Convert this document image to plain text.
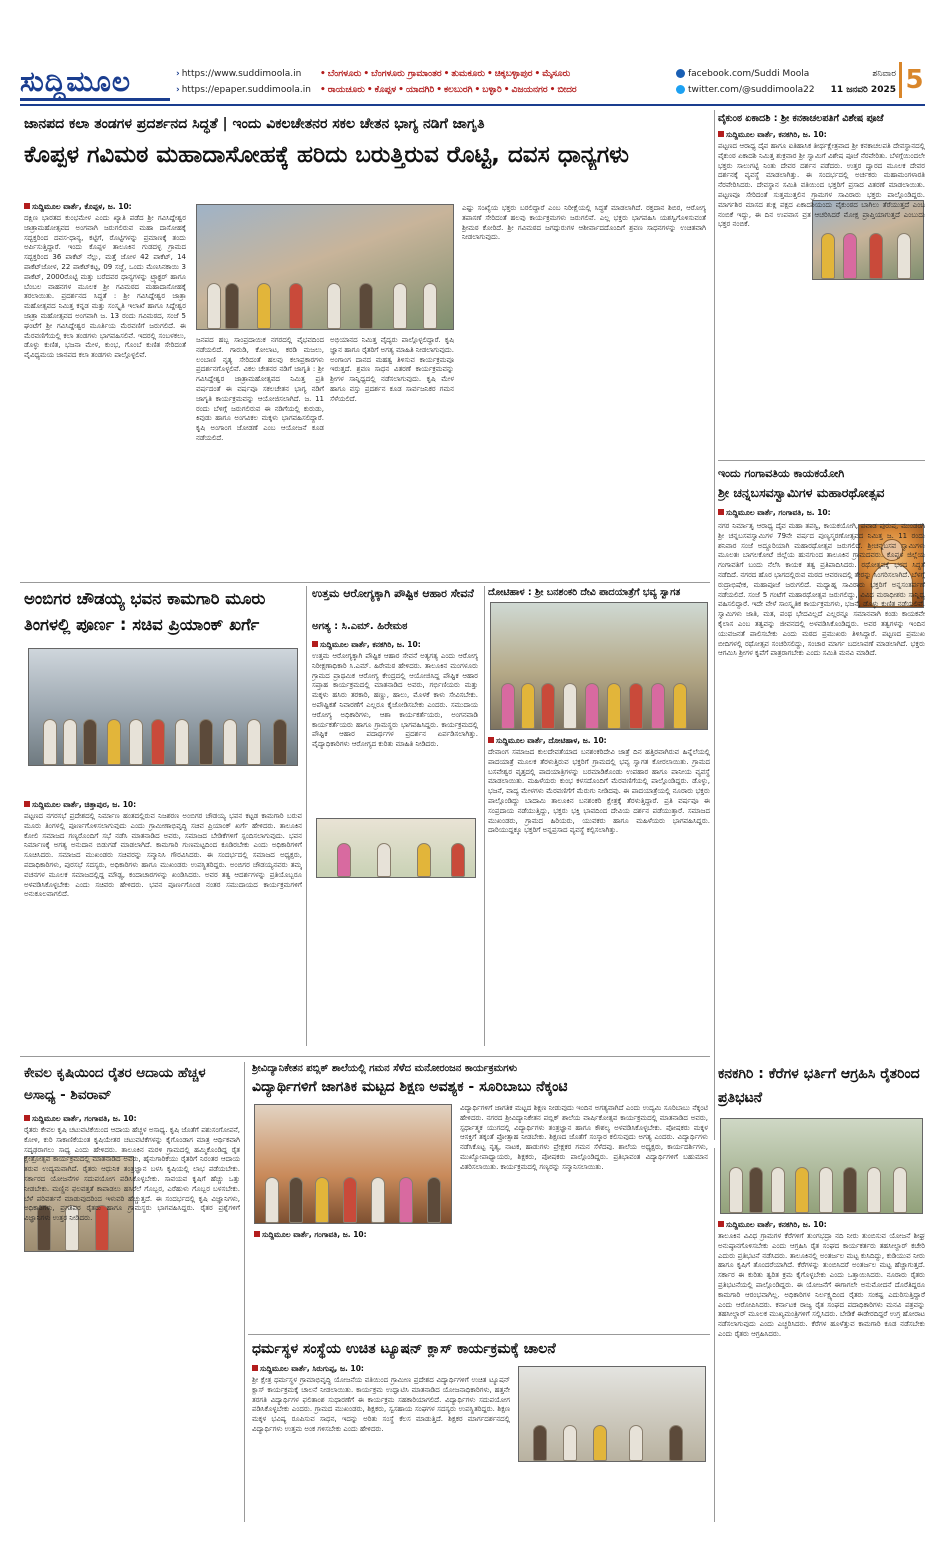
ಸುದ್ದಿಮೂಲ	› https://www.suddimoola.in
› https://epaper.suddimoola.in
• ಬೆಂಗಳೂರು • ಬೆಂಗಳೂರು ಗ್ರಾಮಾಂತರ • ತುಮಕೂರು • ಚಿಕ್ಕಬಳ್ಳಾಪುರ • ಮೈಸೂರು
• ರಾಯಚೂರು • ಕೊಪ್ಪಳ • ಯಾದಗಿರಿ • ಕಲಬುರಗಿ • ಬಳ್ಳಾರಿ • ವಿಜಯನಗರ • ಬೀದರ
facebook.com/Suddi Moola
twitter.com/@suddimoola22
ಶನಿವಾರ
11 ಜನವರಿ 2025 5
ಜಾನಪದ ಕಲಾ ತಂಡಗಳ ಪ್ರದರ್ಶನದ ಸಿದ್ಧತೆ | ಇಂದು ವಿಕಲಚೇತನರ ಸಕಲ ಚೇತನ ಭಾಗ್ಯ ನಡಿಗೆ ಜಾಗೃತಿ
ಕೊಪ್ಪಳ ಗವಿಮಠ ಮಹಾದಾಸೋಹಕ್ಕೆ ಹರಿದು ಬರುತ್ತಿರುವ ರೊಟ್ಟಿ, ದವಸ ಧಾನ್ಯಗಳು
ಸುದ್ದಿಮೂಲ ವಾರ್ತೆ, ಕೊಪ್ಪಳ, ಜ. 10:
ದಕ್ಷಿಣ ಭಾರತದ ಕುಂಭಮೇಳ ಎಂದು ಖ್ಯಾತಿ ಪಡೆದ ಶ್ರೀ ಗವಿಸಿದ್ದೇಶ್ವರ ಜಾತ್ರಾಮಹೋತ್ಸವದ ಅಂಗವಾಗಿ ಜರುಗಲಿರುವ ಮಹಾ ದಾಸೋಹಕ್ಕೆ ಸದ್ಭಕ್ತರಿಂದ ದವಸ-ಧಾನ್ಯ, ಕಟ್ಟಿಗೆ, ರೊಟ್ಟಿಗಳನ್ನು ಪ್ರಮಾಣಕ್ಕೆ ತಂದು ಅರ್ಪಿಸುತ್ತಿದ್ದಾರೆ. ಇಂದು ಕೊಪ್ಪಳ ತಾಲೂಕಿನ ಗುಡದಳ್ಳ ಗ್ರಾಮದ ಸದ್ಭಕ್ತರಿಂದ 36 ಪಾಕೆಟ್ ನೆಲ್ಲು, ಮತ್ತೆ ಜೋಳ 42 ಪಾಕೆಟ್, 14 ಪಾಕೆಟ್‌ಜೋಳ, 22 ಪಾಕೆಟ್‌ಕಟ್ಟ, 09 ಸಜ್ಜೆ, ಒಂದು ಮೆಣಸಿನಕಾಯಿ 3 ಪಾಕೆಟ್, 2000ರೊಟ್ಟಿ ಮತ್ತು ಬರೆದವರ ಧಾನ್ಯಗಳನ್ನು ಟ್ರ್ಯಾಕ್ಟರ್ ಹಾಗೂ ಬೆಂಬಲ ವಾಹನಗಳ ಮೂಲಕ ಶ್ರೀ ಗವಿಮಠದ ಮಹಾದಾಸೋಹಕ್ಕೆ ತರಲಾಯಿತು. ಪ್ರದರ್ಶನದ ಸಿದ್ಧತೆ : ಶ್ರೀ ಗವಿಸಿದ್ದೇಶ್ವರ ಜಾತ್ರಾ ಮಹೋತ್ಸವದ ನಿಮಿತ್ತ ಕನ್ನಡ ಮತ್ತು ಸಂಸ್ಕೃತಿ ಇಲಾಖೆ ಹಾಗೂ ಸಿದ್ದೇಶ್ವರ ಜಾತ್ರಾ ಮಹೋತ್ಸವದ ಅಂಗವಾಗಿ ಜ. 13 ರಂದು ಗವಿಮಠದ, ಸಂಜೆ 5 ಘಂಟೆಗೆ ಶ್ರೀ ಗವಿಸಿದ್ದೇಶ್ವರ ಮೂರ್ತಿಯ ಮೆರವಣಿಗೆ ಜರುಗಲಿದೆ. ಈ ಮೆರವಣಿಗೆಯಲ್ಲಿ ಕಲಾ ತಂಡಗಳು ಭಾಗವಹಿಸಲಿವೆ. ಇದರಲ್ಲಿ ಸಂಬಳಕಲು, ಡೊಳ್ಳು ಕುಣಿತ, ಭಜನಾ ಮೇಳ, ಕುಂಭ, ಗೊಂಬೆ ಕುಣಿತ ಸೇರಿದಂತೆ ವೈವಿಧ್ಯಮಯ ಜಾನಪದ ಕಲಾ ತಂಡಗಳು ಪಾಲ್ಗೊಳ್ಳಲಿವೆ.
ಜನಪದ ಹಬ್ಬ ಸಾಂಪ್ರದಾಯಿಕ ನಗರದಲ್ಲಿ ವೈಭವದಿಂದ ನಡೆಯಲಿದೆ. ಗಾರುಡಿ, ಕೋಲಾಟ, ಕರಡಿ ಮಜಲು, ಲಂಬಾಣಿ ನೃತ್ಯ ಸೇರಿದಂತೆ ಹಲವು ಕಲಾಪ್ರಕಾರಗಳು ಪ್ರದರ್ಶನಗೊಳ್ಳಲಿವೆ. ವಿಕಲ ಚೇತನರ ನಡಿಗೆ ಜಾಗೃತಿ : ಶ್ರೀ ಗವಿಸಿದ್ದೇಶ್ವರ ಜಾತ್ರಾಮಹೋತ್ಸವದ ನಿಮಿತ್ತ ಪ್ರತಿ ವರ್ಷದಂತೆ ಈ ವರ್ಷವೂ ಸಕಲಚೇತನ ಭಾಗ್ಯ ನಡಿಗೆ ಜಾಗೃತಿ ಕಾರ್ಯಕ್ರಮವನ್ನು ಆಯೋಜಿಸಲಾಗಿದೆ. ಜ. 11 ರಂದು ಬೆಳಿಗ್ಗೆ ಜರುಗಲಿರುವ ಈ ನಡಿಗೆಯಲ್ಲಿ ಕುರುಡು, ಕಿವುಡು ಹಾಗೂ ಅಂಗವಿಕಲ ಮಕ್ಕಳು ಭಾಗವಹಿಸಲಿದ್ದಾರೆ. ಕೃಷಿ ಅಂಗಾಂಗ ಜೋಡಣೆ ಎಂಬ ಆಯೋಜನೆ ಕೂಡ ನಡೆಯಲಿದೆ.
ಅಭಿಯಾನದ ನಿಮಿತ್ತ ವೈದ್ಯರು ಪಾಲ್ಗೊಳ್ಳಲಿದ್ದಾರೆ. ಕೃಷಿ ಜ್ಞಾನ ಹಾಗೂ ರೈತರಿಗೆ ಅಗತ್ಯ ಮಾಹಿತಿ ನೀಡಲಾಗುವುದು. ಅಂಗಾಂಗ ದಾನದ ಮಹತ್ವ ತಿಳಿಸುವ ಕಾರ್ಯಕ್ರಮವೂ ಇರುತ್ತದೆ. ಶ್ರವಣ ಸಾಧನ ವಿತರಣೆ ಕಾರ್ಯಕ್ರಮವನ್ನು ಶ್ರೀಗಳ ಸಾನ್ನಿಧ್ಯದಲ್ಲಿ ನಡೆಸಲಾಗುವುದು. ಕೃಷಿ ಮೇಳ ಹಾಗೂ ವಸ್ತು ಪ್ರದರ್ಶನ ಕೂಡ ಸಾರ್ವಜನಿಕರ ಗಮನ ಸೆಳೆಯಲಿದೆ.
ಎಷ್ಟು ಸಂಖ್ಯೆಯ ಭಕ್ತರು ಬರಲಿದ್ದಾರೆ ಎಂಬ ನಿರೀಕ್ಷೆಯಲ್ಲಿ ಸಿದ್ಧತೆ ಮಾಡಲಾಗಿದೆ. ರಕ್ತದಾನ ಶಿಬಿರ, ಆರೋಗ್ಯ ತಪಾಸಣೆ ಸೇರಿದಂತೆ ಹಲವು ಕಾರ್ಯಕ್ರಮಗಳು ಜರುಗಲಿವೆ. ಎಲ್ಲ ಭಕ್ತರು ಭಾಗವಹಿಸಿ ಯಶಸ್ವಿಗೊಳಿಸುವಂತೆ ಶ್ರೀಮಠ ಕೋರಿದೆ. ಶ್ರೀ ಗವಿಮಠದ ಜಗದ್ಗುರುಗಳ ಆಶೀರ್ವಾದದೊಂದಿಗೆ ಶ್ರವಣ ಸಾಧನಗಳನ್ನು ಉಚಿತವಾಗಿ ನೀಡಲಾಗುವುದು.
ವೈಕುಂಠ ಏಕಾದಶಿ : ಶ್ರೀ ಕನಕಾಚಲಪತಿಗೆ ವಿಶೇಷ ಪೂಜೆ
ಸುದ್ದಿಮೂಲ ವಾರ್ತೆ, ಕನಕಗಿರಿ, ಜ. 10:
ಪಟ್ಟಣದ ಆರಾಧ್ಯ ದೈವ ಹಾಗೂ ಐತಿಹಾಸಿಕ ತೀರ್ಥಕ್ಷೇತ್ರವಾದ ಶ್ರೀ ಕನಕಾಚಲಪತಿ ದೇವಸ್ಥಾನದಲ್ಲಿ ವೈಕುಂಠ ಏಕಾದಶಿ ನಿಮಿತ್ತ ಶುಕ್ರವಾರ ಶ್ರೀ ಸ್ವಾಮಿಗೆ ವಿಶೇಷ ಪೂಜೆ ನೆರವೇರಿತು. ಬೆಳಗ್ಗೆಯಿಂದಲೇ ಭಕ್ತರು ಸಾಲುಗಟ್ಟಿ ನಿಂತು ದೇವರ ದರ್ಶನ ಪಡೆದರು. ಉತ್ತರ ದ್ವಾರದ ಮೂಲಕ ದೇವರ ದರ್ಶನಕ್ಕೆ ವ್ಯವಸ್ಥೆ ಮಾಡಲಾಗಿತ್ತು. ಈ ಸಂದರ್ಭದಲ್ಲಿ ಅರ್ಚಕರು ಮಹಾಮಂಗಳಾರತಿ ನೆರವೇರಿಸಿದರು. ದೇವಸ್ಥಾನ ಸಮಿತಿ ವತಿಯಿಂದ ಭಕ್ತರಿಗೆ ಪ್ರಸಾದ ವಿತರಣೆ ಮಾಡಲಾಯಿತು. ಪಟ್ಟಣವೂ ಸೇರಿದಂತೆ ಸುತ್ತಮುತ್ತಲಿನ ಗ್ರಾಮಗಳ ಸಾವಿರಾರು ಭಕ್ತರು ಪಾಲ್ಗೊಂಡಿದ್ದರು. ಮಾರ್ಗಶಿರ ಮಾಸದ ಶುಕ್ಲ ಪಕ್ಷದ ಏಕಾದಶಿಯಂದು ವೈಕುಂಠದ ಬಾಗಿಲು ತೆರೆಯುತ್ತದೆ ಎಂಬ ನಂಬಿಕೆ ಇದ್ದು, ಈ ದಿನ ಉಪವಾಸ ವ್ರತ ಆಚರಿಸಿದರೆ ಮೋಕ್ಷ ಪ್ರಾಪ್ತಿಯಾಗುತ್ತದೆ ಎಂಬುದು ಭಕ್ತರ ನಂಬಿಕೆ.
ಇಂದು ಗಂಗಾವತಿಯ ಕಾಯಕಯೋಗಿ
ಶ್ರೀ ಚನ್ನಬಸವಸ್ವಾಮಿಗಳ ಮಹಾರಥೋತ್ಸವ
ಸುದ್ದಿಮೂಲ ವಾರ್ತೆ, ಗಂಗಾವತಿ, ಜ. 10:
ನಗರ ನಿರ್ಮಾತೃ ಆರಾಧ್ಯ ದೈವ ಮಹಾ ತಪಸ್ವಿ, ಕಾಯಕಯೋಗಿ, ಪವಾಡ ಪುರುಷ, ಮುಂಡರಗಿ ಶ್ರೀ ಚನ್ನಬಸವಸ್ವಾಮಿಗಳ 79ನೇ ವರ್ಷದ ಪುಣ್ಯಸ್ಮರಣೋತ್ಸವದ ನಿಮಿತ್ತ ಜ. 11 ರಂದು ಶನಿವಾರ ಸಂಜೆ ಅದ್ದೂರಿಯಾಗಿ ಮಹಾರಥೋತ್ಸವ ಜರುಗಲಿದೆ. ಶ್ರೀಚನ್ನಬಸವ ಸ್ವಾಮಿಗಳು ಮೂಲತಃ ಬಾಗಲಕೋಟೆ ಜಿಲ್ಲೆಯ ಹುನಗುಂದ ತಾಲೂಕಿನ ಗ್ರಾಮದವರು. ಕೊಪ್ಪಳ ಜಿಲ್ಲೆಯ ಗಂಗಾವತಿಗೆ ಬಂದು ನೆಲೆಸಿ ಕಾಯಕ ತತ್ವ ಪ್ರತಿಪಾದಿಸಿದರು. ರಥೋತ್ಸವಕ್ಕೆ ಭರದ ಸಿದ್ಧತೆ ನಡೆದಿದೆ. ನಗರದ ಹೊರ ಭಾಗದಲ್ಲಿರುವ ಮಠದ ಆವರಣದಲ್ಲಿ ತೇರನ್ನು ಸಿಂಗರಿಸಲಾಗಿದೆ. ಬೆಳಗ್ಗೆ ರುದ್ರಾಭಿಷೇಕ, ಮಹಾಪೂಜೆ ಜರುಗಲಿದೆ. ಮಧ್ಯಾಹ್ನ ಸಾವಿರಾರು ಭಕ್ತರಿಗೆ ಅನ್ನಸಂತರ್ಪಣೆ ನಡೆಯಲಿದೆ. ಸಂಜೆ 5 ಗಂಟೆಗೆ ಮಹಾರಥೋತ್ಸವ ಜರುಗಲಿದ್ದು, ವಿವಿಧ ಮಠಾಧೀಶರು ಸಾನ್ನಿಧ್ಯ ವಹಿಸಲಿದ್ದಾರೆ. ಇದೇ ವೇಳೆ ಸಾಂಸ್ಕೃತಿಕ ಕಾರ್ಯಕ್ರಮಗಳು, ಭಜನೆ, ಡೊಳ್ಳು ಕುಣಿತ ನಡೆಯಲಿವೆ. ಸ್ವಾಮಿಗಳು ಜಾತಿ, ಮತ, ಪಂಥ ಭೇದವಿಲ್ಲದೆ ಎಲ್ಲರನ್ನೂ ಸಮಾನವಾಗಿ ಕಂಡು ಕಾಯಕವೇ ಕೈಲಾಸ ಎಂಬ ತತ್ವವನ್ನು ಜೀವನದಲ್ಲಿ ಅಳವಡಿಸಿಕೊಂಡಿದ್ದರು. ಅವರ ತತ್ವಗಳನ್ನು ಇಂದಿನ ಯುವಜನತೆ ಪಾಲಿಸಬೇಕು ಎಂದು ಮಠದ ಪ್ರಮುಖರು ತಿಳಿಸಿದ್ದಾರೆ. ಪಟ್ಟಣದ ಪ್ರಮುಖ ಬೀದಿಗಳಲ್ಲಿ ರಥೋತ್ಸವ ಸಂಚರಿಸಲಿದ್ದು, ಸಂಚಾರ ಮಾರ್ಗ ಬದಲಾವಣೆ ಮಾಡಲಾಗಿದೆ. ಭಕ್ತರು ಆಗಮಿಸಿ ಶ್ರೀಗಳ ಕೃಪೆಗೆ ಪಾತ್ರರಾಗಬೇಕು ಎಂದು ಸಮಿತಿ ಮನವಿ ಮಾಡಿದೆ.
ಅಂಬಿಗರ ಚೌಡಯ್ಯ ಭವನ ಕಾಮಗಾರಿ ಮೂರು ತಿಂಗಳಲ್ಲಿ ಪೂರ್ಣ : ಸಚಿವ ಪ್ರಿಯಾಂಕ್ ಖರ್ಗೆ
ಸುದ್ದಿಮೂಲ ವಾರ್ತೆ, ಚಿತ್ತಾಪುರ, ಜ. 10:
ಪಟ್ಟಣದ ನಗರಸಭೆ ಪ್ರದೇಶದಲ್ಲಿ ನಿರ್ಮಾಣ ಹಂತದಲ್ಲಿರುವ ನಿಜಶರಣ ಅಂಬಿಗರ ಚೌಡಯ್ಯ ಭವನ ಕಟ್ಟಡ ಕಾಮಗಾರಿ ಬರುವ ಮೂರು ತಿಂಗಳಲ್ಲಿ ಪೂರ್ಣಗೊಳಿಸಲಾಗುವುದು ಎಂದು ಗ್ರಾಮೀಣಾಭಿವೃದ್ಧಿ ಸಚಿವ ಪ್ರಿಯಾಂಕ್ ಖರ್ಗೆ ಹೇಳಿದರು. ತಾಲೂಕಿನ ಕೋಲಿ ಸಮಾಜದ ಗಣ್ಯರೊಂದಿಗೆ ಸಭೆ ನಡೆಸಿ ಮಾತನಾಡಿದ ಅವರು, ಸಮಾಜದ ಬೇಡಿಕೆಗಳಿಗೆ ಸ್ಪಂದಿಸಲಾಗುವುದು. ಭವನ ನಿರ್ಮಾಣಕ್ಕೆ ಅಗತ್ಯ ಅನುದಾನ ಬಿಡುಗಡೆ ಮಾಡಲಾಗಿದೆ. ಕಾಮಗಾರಿ ಗುಣಮಟ್ಟದಿಂದ ಕೂಡಿರಬೇಕು ಎಂದು ಅಧಿಕಾರಿಗಳಿಗೆ ಸೂಚಿಸಿದರು. ಸಮಾಜದ ಮುಖಂಡರು ಸಚಿವರನ್ನು ಸನ್ಮಾನಿಸಿ ಗೌರವಿಸಿದರು. ಈ ಸಂದರ್ಭದಲ್ಲಿ ಸಮಾಜದ ಅಧ್ಯಕ್ಷರು, ಪದಾಧಿಕಾರಿಗಳು, ಪುರಸಭೆ ಸದಸ್ಯರು, ಅಧಿಕಾರಿಗಳು ಹಾಗೂ ಮುಖಂಡರು ಉಪಸ್ಥಿತರಿದ್ದರು. ಅಂಬಿಗರ ಚೌಡಯ್ಯನವರು ತಮ್ಮ ವಚನಗಳ ಮೂಲಕ ಸಮಾಜದಲ್ಲಿದ್ದ ಮೌಢ್ಯ, ಕಂದಾಚಾರಗಳನ್ನು ಖಂಡಿಸಿದರು. ಅವರ ತತ್ವ ಆದರ್ಶಗಳನ್ನು ಪ್ರತಿಯೊಬ್ಬರೂ ಅಳವಡಿಸಿಕೊಳ್ಳಬೇಕು ಎಂದು ಸಚಿವರು ಹೇಳಿದರು. ಭವನ ಪೂರ್ಣಗೊಂಡ ನಂತರ ಸಮುದಾಯದ ಕಾರ್ಯಕ್ರಮಗಳಿಗೆ ಅನುಕೂಲವಾಗಲಿದೆ.
ಉತ್ತಮ ಆರೋಗ್ಯಕ್ಕಾಗಿ ಪೌಷ್ಟಿಕ ಆಹಾರ ಸೇವನೆ
ಅಗತ್ಯ : ಸಿ.ಎಮ್. ಹಿರೇಮಠ
ಸುದ್ದಿಮೂಲ ವಾರ್ತೆ, ಕನಕಗಿರಿ, ಜ. 10:
ಉತ್ತಮ ಆರೋಗ್ಯಕ್ಕಾಗಿ ಪೌಷ್ಟಿಕ ಆಹಾರ ಸೇವನೆ ಅತ್ಯಗತ್ಯ ಎಂದು ಆರೋಗ್ಯ ನಿರೀಕ್ಷಣಾಧಿಕಾರಿ ಸಿ.ಎಮ್. ಹಿರೇಮಠ ಹೇಳಿದರು. ತಾಲೂಕಿನ ಮಂಗಳೂರು ಗ್ರಾಮದ ಪ್ರಾಥಮಿಕ ಆರೋಗ್ಯ ಕೇಂದ್ರದಲ್ಲಿ ಆಯೋಜಿಸಿದ್ದ ಪೌಷ್ಟಿಕ ಆಹಾರ ಸಪ್ತಾಹ ಕಾರ್ಯಕ್ರಮದಲ್ಲಿ ಮಾತನಾಡಿದ ಅವರು, ಗರ್ಭಿಣಿಯರು ಮತ್ತು ಮಕ್ಕಳು ಹಸಿರು ತರಕಾರಿ, ಹಣ್ಣು, ಹಾಲು, ಮೊಳಕೆ ಕಾಳು ಸೇವಿಸಬೇಕು. ಅಪೌಷ್ಟಿಕತೆ ನಿವಾರಣೆಗೆ ಎಲ್ಲರೂ ಕೈಜೋಡಿಸಬೇಕು ಎಂದರು. ಸಮುದಾಯ ಆರೋಗ್ಯ ಅಧಿಕಾರಿಗಳು, ಆಶಾ ಕಾರ್ಯಕರ್ತೆಯರು, ಅಂಗನವಾಡಿ ಕಾರ್ಯಕರ್ತೆಯರು ಹಾಗೂ ಗ್ರಾಮಸ್ಥರು ಭಾಗವಹಿಸಿದ್ದರು. ಕಾರ್ಯಕ್ರಮದಲ್ಲಿ ಪೌಷ್ಟಿಕ ಆಹಾರ ಪದಾರ್ಥಗಳ ಪ್ರದರ್ಶನ ಏರ್ಪಡಿಸಲಾಗಿತ್ತು. ವೈದ್ಯಾಧಿಕಾರಿಗಳು ಆರೋಗ್ಯದ ಕುರಿತು ಮಾಹಿತಿ ನೀಡಿದರು.
ದೋಟಿಹಾಳ : ಶ್ರೀ ಬನಶಂಕರಿ ದೇವಿ ಪಾದಯಾತ್ರೆಗೆ ಭವ್ಯ ಸ್ವಾಗತ
ಸುದ್ದಿಮೂಲ ವಾರ್ತೆ, ದೋಟಿಹಾಳ, ಜ. 10:
ದೇವಾಂಗ ಸಮಾಜದ ಕುಲದೇವತೆಯಾದ ಬನಶಂಕರಿದೇವಿ ಜಾತ್ರೆ ದಿನ ಹತ್ತಿರವಾಗಿರುವ ಹಿನ್ನೆಲೆಯಲ್ಲಿ ಪಾದಯಾತ್ರೆ ಮೂಲಕ ತೆರಳುತ್ತಿರುವ ಭಕ್ತರಿಗೆ ಗ್ರಾಮದಲ್ಲಿ ಭವ್ಯ ಸ್ವಾಗತ ಕೋರಲಾಯಿತು. ಗ್ರಾಮದ ಬಸವೇಶ್ವರ ವೃತ್ತದಲ್ಲಿ ಪಾದಯಾತ್ರಿಗಳನ್ನು ಬರಮಾಡಿಕೊಂಡು ಉಪಹಾರ ಹಾಗೂ ಪಾನೀಯ ವ್ಯವಸ್ಥೆ ಮಾಡಲಾಯಿತು. ಮಹಿಳೆಯರು ಕುಂಭ ಕಳಸದೊಂದಿಗೆ ಮೆರವಣಿಗೆಯಲ್ಲಿ ಪಾಲ್ಗೊಂಡಿದ್ದರು. ಡೊಳ್ಳು, ಭಜನೆ, ವಾದ್ಯ ಮೇಳಗಳು ಮೆರವಣಿಗೆಗೆ ಮೆರುಗು ನೀಡಿದವು. ಈ ಪಾದಯಾತ್ರೆಯಲ್ಲಿ ನೂರಾರು ಭಕ್ತರು ಪಾಲ್ಗೊಂಡಿದ್ದು ಬಾದಾಮಿ ತಾಲೂಕಿನ ಬನಶಂಕರಿ ಕ್ಷೇತ್ರಕ್ಕೆ ತೆರಳುತ್ತಿದ್ದಾರೆ. ಪ್ರತಿ ವರ್ಷವೂ ಈ ಸಂಪ್ರದಾಯ ನಡೆಯುತ್ತಿದ್ದು, ಭಕ್ತರು ಭಕ್ತಿ ಭಾವದಿಂದ ದೇವಿಯ ದರ್ಶನ ಪಡೆಯುತ್ತಾರೆ. ಸಮಾಜದ ಮುಖಂಡರು, ಗ್ರಾಮದ ಹಿರಿಯರು, ಯುವಕರು ಹಾಗೂ ಮಹಿಳೆಯರು ಭಾಗವಹಿಸಿದ್ದರು. ದಾರಿಯುದ್ದಕ್ಕೂ ಭಕ್ತರಿಗೆ ಅನ್ನಪ್ರಸಾದ ವ್ಯವಸ್ಥೆ ಕಲ್ಪಿಸಲಾಗಿತ್ತು.
ಕೇವಲ ಕೃಷಿಯಿಂದ ರೈತರ ಆದಾಯ ಹೆಚ್ಚಳ ಅಸಾಧ್ಯ - ಶಿವರಾವ್
ಸುದ್ದಿಮೂಲ ವಾರ್ತೆ, ಗಂಗಾವತಿ, ಜ. 10:
ರೈತರು ಕೇವಲ ಕೃಷಿ ಚಟುವಟಿಕೆಯಿಂದ ಆದಾಯ ಹೆಚ್ಚಳ ಅಸಾಧ್ಯ. ಕೃಷಿ ಜೊತೆಗೆ ಪಶುಸಂಗೋಪನೆ, ಕೋಳಿ, ಕುರಿ ಸಾಕಾಣಿಕೆಯಂತ ಕೃಷಿಯೇತರ ಚಟುವಟಿಕೆಗಳನ್ನು ಕೈಗೊಂಡಾಗ ಮಾತ್ರ ಆರ್ಥಿಕವಾಗಿ ಸದೃಢರಾಗಲು ಸಾಧ್ಯ ಎಂದು ಹೇಳಿದರು. ತಾಲೂಕಿನ ಮರಳಿ ಗ್ರಾಮದಲ್ಲಿ ಹಮ್ಮಿಕೊಂಡಿದ್ದ ರೈತ ಕ್ಷೇತ್ರೋತ್ಸವ ಕಾರ್ಯಕ್ರಮದಲ್ಲಿ ಮಾತನಾಡಿದ ಅವರು, ಹೈನುಗಾರಿಕೆಯು ರೈತರಿಗೆ ನಿರಂತರ ಆದಾಯ ತರುವ ಉದ್ಯಮವಾಗಿದೆ. ರೈತರು ಆಧುನಿಕ ತಂತ್ರಜ್ಞಾನ ಬಳಸಿ ಕೃಷಿಯಲ್ಲಿ ಲಾಭ ಪಡೆಯಬೇಕು. ಸರ್ಕಾರದ ಯೋಜನೆಗಳ ಸದುಪಯೋಗ ಪಡಿಸಿಕೊಳ್ಳಬೇಕು. ಸಾವಯವ ಕೃಷಿಗೆ ಹೆಚ್ಚು ಒತ್ತು ನೀಡಬೇಕು. ಮಣ್ಣಿನ ಫಲವತ್ತತೆ ಕಾಪಾಡಲು ಹಸಿರೆಲೆ ಗೊಬ್ಬರ, ಎರೆಹುಳು ಗೊಬ್ಬರ ಬಳಸಬೇಕು. ಬೆಳೆ ಪರಿವರ್ತನೆ ಮಾಡುವುದರಿಂದ ಇಳುವರಿ ಹೆಚ್ಚುತ್ತದೆ. ಈ ಸಂದರ್ಭದಲ್ಲಿ ಕೃಷಿ ವಿಜ್ಞಾನಿಗಳು, ಅಧಿಕಾರಿಗಳು, ಪ್ರಗತಿಪರ ರೈತರು ಹಾಗೂ ಗ್ರಾಮಸ್ಥರು ಭಾಗವಹಿಸಿದ್ದರು. ರೈತರ ಪ್ರಶ್ನೆಗಳಿಗೆ ವಿಜ್ಞಾನಿಗಳು ಉತ್ತರ ನೀಡಿದರು.
ಶ್ರೀವಿದ್ಯಾನಿಕೇತನ ಪಬ್ಲಿಕ್ ಶಾಲೆಯಲ್ಲಿ ಗಮನ ಸೆಳೆದ ಮನೋರಂಜನ ಕಾರ್ಯಕ್ರಮಗಳು
ವಿದ್ಯಾರ್ಥಿಗಳಿಗೆ ಜಾಗತಿಕ ಮಟ್ಟದ ಶಿಕ್ಷಣ ಅವಶ್ಯಕ - ಸೂರಿಬಾಬು ನೆಕ್ಕಂಟಿ
ಸುದ್ದಿಮೂಲ ವಾರ್ತೆ, ಗಂಗಾವತಿ, ಜ. 10:
ವಿದ್ಯಾರ್ಥಿಗಳಿಗೆ ಜಾಗತಿಕ ಮಟ್ಟದ ಶಿಕ್ಷಣ ನೀಡುವುದು ಇಂದಿನ ಅಗತ್ಯವಾಗಿದೆ ಎಂದು ಉದ್ಯಮಿ ಸೂರಿಬಾಬು ನೆಕ್ಕಂಟಿ ಹೇಳಿದರು. ನಗರದ ಶ್ರೀವಿದ್ಯಾನಿಕೇತನ ಪಬ್ಲಿಕ್ ಶಾಲೆಯ ವಾರ್ಷಿಕೋತ್ಸವ ಕಾರ್ಯಕ್ರಮದಲ್ಲಿ ಮಾತನಾಡಿದ ಅವರು, ಸ್ಪರ್ಧಾತ್ಮಕ ಯುಗದಲ್ಲಿ ವಿದ್ಯಾರ್ಥಿಗಳು ತಂತ್ರಜ್ಞಾನ ಹಾಗೂ ಕೌಶಲ್ಯ ಅಳವಡಿಸಿಕೊಳ್ಳಬೇಕು. ಪೋಷಕರು ಮಕ್ಕಳ ಆಸಕ್ತಿಗೆ ತಕ್ಕಂತೆ ಪ್ರೋತ್ಸಾಹ ನೀಡಬೇಕು. ಶಿಕ್ಷಣದ ಜೊತೆಗೆ ಸಂಸ್ಕಾರ ಕಲಿಸುವುದು ಅಗತ್ಯ ಎಂದರು. ವಿದ್ಯಾರ್ಥಿಗಳು ನಡೆಸಿಕೊಟ್ಟ ನೃತ್ಯ, ನಾಟಕ, ಹಾಡುಗಳು ಪ್ರೇಕ್ಷಕರ ಗಮನ ಸೆಳೆದವು. ಶಾಲೆಯ ಅಧ್ಯಕ್ಷರು, ಕಾರ್ಯದರ್ಶಿಗಳು, ಮುಖ್ಯೋಪಾಧ್ಯಾಯರು, ಶಿಕ್ಷಕರು, ಪೋಷಕರು ಪಾಲ್ಗೊಂಡಿದ್ದರು. ಪ್ರತಿಭಾವಂತ ವಿದ್ಯಾರ್ಥಿಗಳಿಗೆ ಬಹುಮಾನ ವಿತರಿಸಲಾಯಿತು. ಕಾರ್ಯಕ್ರಮದಲ್ಲಿ ಗಣ್ಯರನ್ನು ಸನ್ಮಾನಿಸಲಾಯಿತು.
ಧರ್ಮಸ್ಥಳ ಸಂಸ್ಥೆಯ ಉಚಿತ ಟ್ಯೂಷನ್ ಕ್ಲಾಸ್ ಕಾರ್ಯಕ್ರಮಕ್ಕೆ ಚಾಲನೆ
ಸುದ್ದಿಮೂಲ ವಾರ್ತೆ, ಸಿರುಗುಪ್ಪ, ಜ. 10:
ಶ್ರೀ ಕ್ಷೇತ್ರ ಧರ್ಮಸ್ಥಳ ಗ್ರಾಮಾಭಿವೃದ್ಧಿ ಯೋಜನೆಯ ವತಿಯಿಂದ ಗ್ರಾಮೀಣ ಪ್ರದೇಶದ ವಿದ್ಯಾರ್ಥಿಗಳಿಗೆ ಉಚಿತ ಟ್ಯೂಷನ್ ಕ್ಲಾಸ್ ಕಾರ್ಯಕ್ರಮಕ್ಕೆ ಚಾಲನೆ ನೀಡಲಾಯಿತು. ಕಾರ್ಯಕ್ರಮ ಉದ್ಘಾಟಿಸಿ ಮಾತನಾಡಿದ ಯೋಜನಾಧಿಕಾರಿಗಳು, ಹತ್ತನೇ ತರಗತಿ ವಿದ್ಯಾರ್ಥಿಗಳ ಫಲಿತಾಂಶ ಸುಧಾರಣೆಗೆ ಈ ಕಾರ್ಯಕ್ರಮ ಸಹಕಾರಿಯಾಗಲಿದೆ. ವಿದ್ಯಾರ್ಥಿಗಳು ಸದುಪಯೋಗ ಪಡಿಸಿಕೊಳ್ಳಬೇಕು ಎಂದರು. ಗ್ರಾಮದ ಮುಖಂಡರು, ಶಿಕ್ಷಕರು, ಸ್ವಸಹಾಯ ಸಂಘಗಳ ಸದಸ್ಯರು ಉಪಸ್ಥಿತರಿದ್ದರು. ಶಿಕ್ಷಣ ಮಕ್ಕಳ ಭವಿಷ್ಯ ರೂಪಿಸುವ ಸಾಧನ, ಇದನ್ನು ಅರಿತು ಸಂಸ್ಥೆ ಕೆಲಸ ಮಾಡುತ್ತಿದೆ. ಶಿಕ್ಷಕರ ಮಾರ್ಗದರ್ಶನದಲ್ಲಿ ವಿದ್ಯಾರ್ಥಿಗಳು ಉತ್ತಮ ಅಂಕ ಗಳಿಸಬೇಕು ಎಂದು ಹೇಳಿದರು.
ಕನಕಗಿರಿ : ಕೆರೆಗಳ ಭರ್ತಿಗೆ ಆಗ್ರಹಿಸಿ ರೈತರಿಂದ ಪ್ರತಿಭಟನೆ
ಸುದ್ದಿಮೂಲ ವಾರ್ತೆ, ಕನಕಗಿರಿ, ಜ. 10:
ತಾಲೂಕಿನ ವಿವಿಧ ಗ್ರಾಮಗಳ ಕೆರೆಗಳಿಗೆ ತುಂಗಭದ್ರಾ ನದಿ ನೀರು ತುಂಬಿಸುವ ಯೋಜನೆ ಶೀಘ್ರ ಅನುಷ್ಠಾನಗೊಳಿಸಬೇಕು ಎಂದು ಆಗ್ರಹಿಸಿ ರೈತ ಸಂಘದ ಕಾರ್ಯಕರ್ತರು ತಹಸೀಲ್ದಾರ್ ಕಚೇರಿ ಎದುರು ಪ್ರತಿಭಟನೆ ನಡೆಸಿದರು. ತಾಲೂಕಿನಲ್ಲಿ ಅಂತರ್ಜಲ ಮಟ್ಟ ಕುಸಿದಿದ್ದು, ಕುಡಿಯುವ ನೀರು ಹಾಗೂ ಕೃಷಿಗೆ ತೊಂದರೆಯಾಗಿದೆ. ಕೆರೆಗಳನ್ನು ತುಂಬಿಸಿದರೆ ಅಂತರ್ಜಲ ಮಟ್ಟ ಹೆಚ್ಚಾಗುತ್ತದೆ. ಸರ್ಕಾರ ಈ ಕುರಿತು ತ್ವರಿತ ಕ್ರಮ ಕೈಗೊಳ್ಳಬೇಕು ಎಂದು ಒತ್ತಾಯಿಸಿದರು. ನೂರಾರು ರೈತರು ಪ್ರತಿಭಟನೆಯಲ್ಲಿ ಪಾಲ್ಗೊಂಡಿದ್ದರು. ಈ ಯೋಜನೆಗೆ ಈಗಾಗಲೇ ಅನುಮೋದನೆ ದೊರೆತಿದ್ದರೂ ಕಾಮಗಾರಿ ಆರಂಭವಾಗಿಲ್ಲ. ಅಧಿಕಾರಿಗಳ ನಿರ್ಲಕ್ಷ್ಯದಿಂದ ರೈತರು ಸಂಕಷ್ಟ ಎದುರಿಸುತ್ತಿದ್ದಾರೆ ಎಂದು ಆರೋಪಿಸಿದರು. ಕರ್ನಾಟಕ ರಾಜ್ಯ ರೈತ ಸಂಘದ ಪದಾಧಿಕಾರಿಗಳು ಮನವಿ ಪತ್ರವನ್ನು ತಹಸೀಲ್ದಾರ್ ಮೂಲಕ ಮುಖ್ಯಮಂತ್ರಿಗಳಿಗೆ ಸಲ್ಲಿಸಿದರು. ಬೇಡಿಕೆ ಈಡೇರದಿದ್ದರೆ ಉಗ್ರ ಹೋರಾಟ ನಡೆಸಲಾಗುವುದು ಎಂದು ಎಚ್ಚರಿಸಿದರು. ಕೆರೆಗಳ ಹೂಳೆತ್ತುವ ಕಾಮಗಾರಿ ಕೂಡ ನಡೆಸಬೇಕು ಎಂದು ರೈತರು ಆಗ್ರಹಿಸಿದರು.
